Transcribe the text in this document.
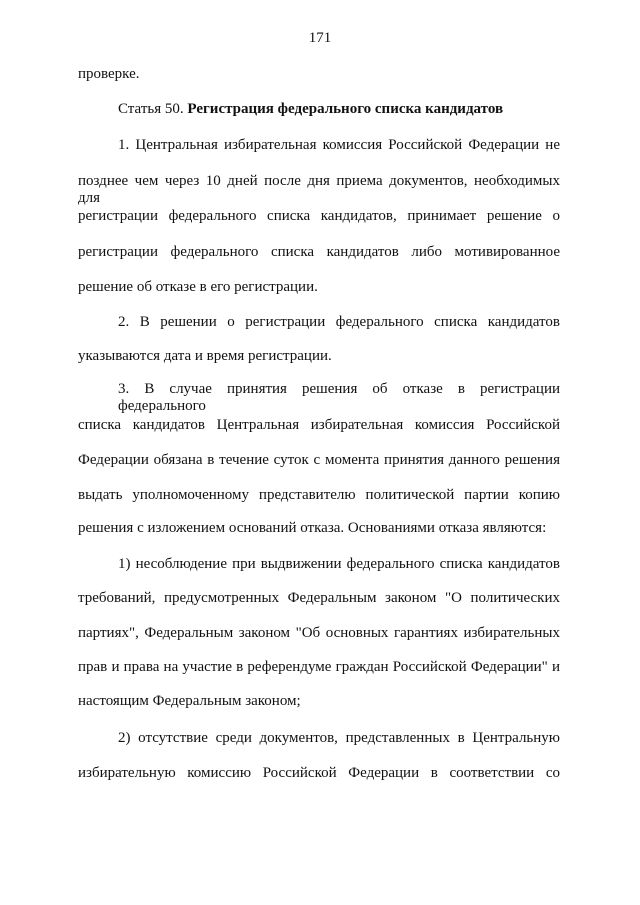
171
проверке.
Статья 50. Регистрация федерального списка кандидатов
1. Центральная избирательная комиссия Российской Федерации не
позднее чем через 10 дней после дня приема документов, необходимых для
регистрации федерального списка кандидатов, принимает решение о
регистрации федерального списка кандидатов либо мотивированное
решение об отказе в его регистрации.
2. В решении о регистрации федерального списка кандидатов
указываются дата и время регистрации.
3. В случае принятия решения об отказе в регистрации федерального
списка кандидатов Центральная избирательная комиссия Российской
Федерации обязана в течение суток с момента принятия данного решения
выдать уполномоченному представителю политической партии копию
решения с изложением оснований отказа. Основаниями отказа являются:
1) несоблюдение при выдвижении федерального списка кандидатов
требований, предусмотренных Федеральным законом "О политических
партиях", Федеральным законом "Об основных гарантиях избирательных
прав и права на участие в референдуме граждан Российской Федерации" и
настоящим Федеральным законом;
2) отсутствие среди документов, представленных в Центральную
избирательную комиссию Российской Федерации в соответствии со
